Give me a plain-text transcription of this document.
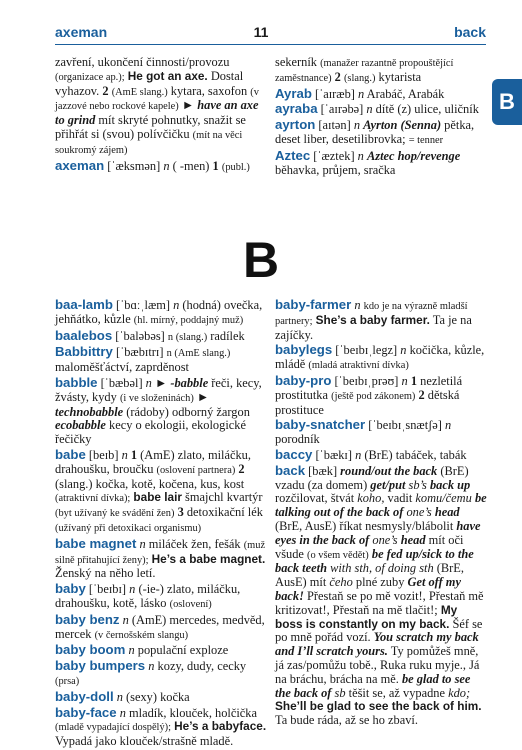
axeman	11	back
B
zavření, ukončení činnosti/provozu (organizace ap.); He got an axe. Dostal vyhazov. 2 (AmE slang.) kytara, saxofon (v jazzové nebo rockové kapele) ► have an axe to grind mít skryté pohnutky, snažit se přihřát si (svou) polívčičku (mít na věci soukromý zájem)
axeman [ˈæksmən] n ( -men) 1 (publ.)
sekerník (manažer razantně propouštějící zaměstnance) 2 (slang.) kytarista
Ayrab [ˈaɪræb] n Arabáč, Arabák
ayraba [ˈaɪrəbə] n dítě (z) ulice, uličník
ayrton [aɪtən] n Ayrton (Senna) pětka, deset liber, desetilibrovka; = tenner
Aztec [ˈæztek] n Aztec hop/revenge běhavka, průjem, sračka
B
baa-lamb [ˈbɑːˌlæm] n (hodná) ovečka, jehňátko, kůzle (hl. mírný, poddajný muž)
baalebos [ˈbaləbəs] n (slang.) radílek
Babbittry [ˈbæbɪtrɪ] n (AmE slang.) maloměšťáctví, zaprděnost
babble [ˈbæbəl] n ► -babble řeči, kecy, žvásty, kydy (i ve složeninách) ► technobabble (rádoby) odborný žargon ecobabble kecy o ekologii, ekologické řečičky
babe [beɪb] n 1 (AmE) zlato, miláčku, drahoušku, broučku (oslovení partnera) 2 (slang.) kočka, kotě, kočena, kus, kost (atraktivní dívka); babe lair šmajchl kvartýr (byt užívaný ke svádění žen) 3 detoxikační lék (užívaný při detoxikaci organismu)
babe magnet n miláček žen, fešák (muž silně přitahující ženy); He’s a babe magnet. Ženský na něho letí.
baby [ˈbeɪbɪ] n (-ie-) zlato, miláčku, drahoušku, kotě, lásko (oslovení)
baby benz n (AmE) mercedes, medvěd, mercek (v černošském slangu)
baby boom n populační exploze
baby bumpers n kozy, dudy, cecky (prsa)
baby-doll n (sexy) kočka
baby-face n mladík, klouček, holčička (mladě vypadající dospělý); He’s a babyface. Vypadá jako klouček/strašně mladě.
baby-farmer n kdo je na výrazně mladší partnery; She’s a baby farmer. Ta je na zajíčky.
babylegs [ˈbeɪbɪˌlegz] n kočička, kůzle, mládě (mladá atraktivní dívka)
baby-pro [ˈbeɪbɪˌprəʊ] n 1 nezletilá prostitutka (ještě pod zákonem) 2 dětská prostituce
baby-snatcher [ˈbeɪbɪˌsnætʃə] n porodník
baccy [ˈbækɪ] n (BrE) tabáček, tabák
back [bæk] round/out the back (BrE) vzadu (za domem) get/put sb’s back up rozčilovat, štvát koho, vadit komu/čemu be talking out of the back of one’s head (BrE, AusE) říkat nesmysly/blábolit have eyes in the back of one’s head mít oči všude (o všem vědět) be fed up/sick to the back teeth with sth, of doing sth (BrE, AusE) mít čeho plné zuby Get off my back! Přestaň se po mě vozit!, Přestaň mě kritizovat!, Přestaň na mě tlačit!; My boss is constantly on my back. Šéf se po mně pořád vozí. You scratch my back and I’ll scratch yours. Ty pomůžeš mně, já zas/pomůžu tobě., Ruka ruku myje., Já na bráchu, brácha na mě. be glad to see the back of sb těšit se, až vypadne kdo; She’ll be glad to see the back of him. Ta bude ráda, až se ho zbaví.
